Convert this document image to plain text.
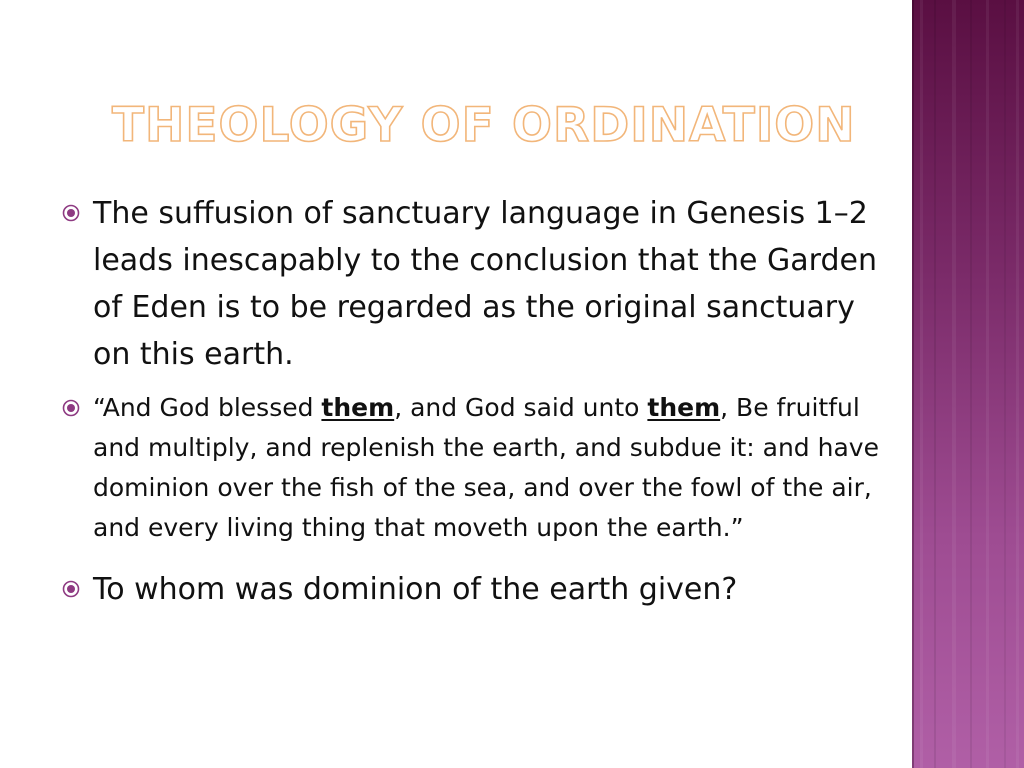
THEOLOGY OF ORDINATION
The suffusion of sanctuary language in Genesis 1–2 leads inescapably to the conclusion that the Garden of Eden is to be regarded as the original sanctuary on this earth.
“And God blessed them, and God said unto them, Be fruitful and multiply, and replenish the earth, and subdue it: and have dominion over the fish of the sea, and over the fowl of the air, and every living thing that moveth upon the earth.”
To whom was dominion of the earth given?
